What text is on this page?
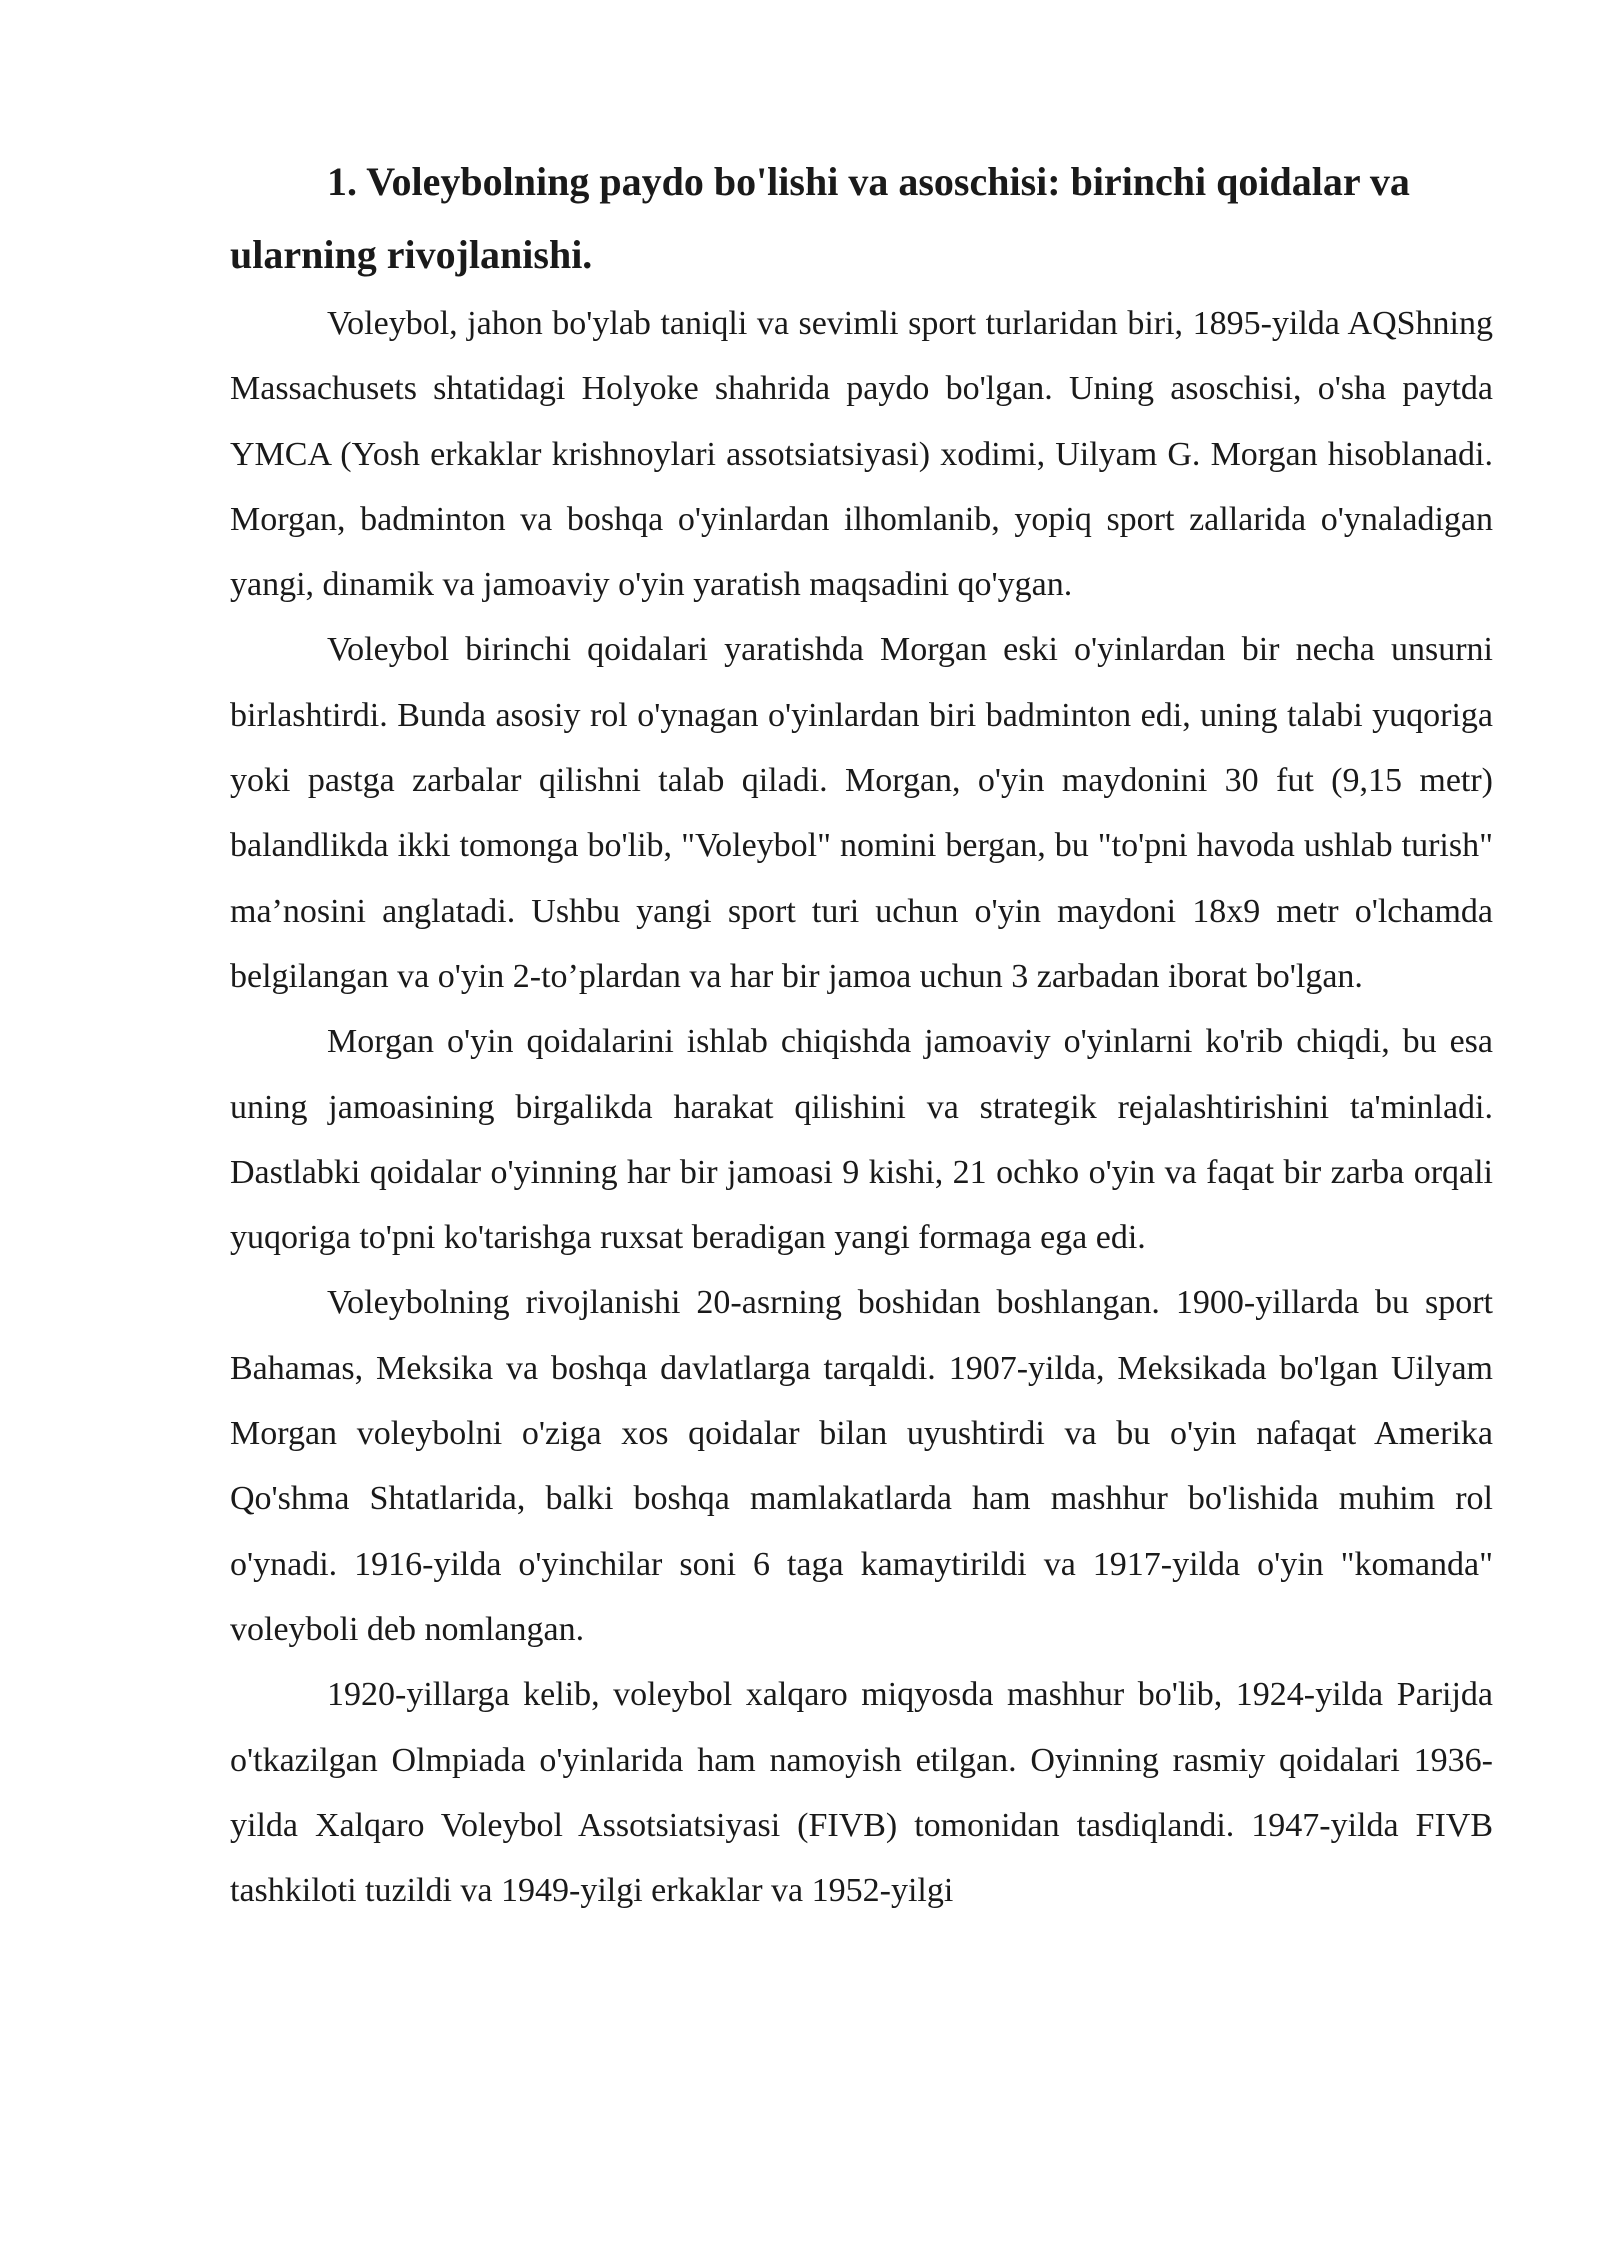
1. Voleybolning paydo bo'lishi va asoschisi: birinchi qoidalar va ularning rivojlanishi.

Voleybol, jahon bo'ylab taniqli va sevimli sport turlaridan biri, 1895-yilda AQShning Massachusets shtatidagi Holyoke shahrida paydo bo'lgan. Uning asoschisi, o'sha paytda YMCA (Yosh erkaklar krishnoylari assotsiatsiyasi) xodimi, Uilyam G. Morgan hisoblanadi. Morgan, badminton va boshqa o'yinlardan ilhomlanib, yopiq sport zallarida o'ynaladigan yangi, dinamik va jamoaviy o'yin yaratish maqsadini qo'ygan.

Voleybol birinchi qoidalari yaratishda Morgan eski o'yinlardan bir necha unsurni birlashtirdi. Bunda asosiy rol o'ynagan o'yinlardan biri badminton edi, uning talabi yuqoriga yoki pastga zarbalar qilishni talab qiladi. Morgan, o'yin maydonini 30 fut (9,15 metr) balandlikda ikki tomonga bo'lib, "Voleybol" nomini bergan, bu "to'pni havoda ushlab turish" ma’nosini anglatadi. Ushbu yangi sport turi uchun o'yin maydoni 18x9 metr o'lchamda belgilangan va o'yin 2-to’plardan va har bir jamoa uchun 3 zarbadan iborat bo'lgan.

Morgan o'yin qoidalarini ishlab chiqishda jamoaviy o'yinlarni ko'rib chiqdi, bu esa uning jamoasining birgalikda harakat qilishini va strategik rejalashtirishini ta'minladi. Dastlabki qoidalar o'yinning har bir jamoasi 9 kishi, 21 ochko o'yin va faqat bir zarba orqali yuqoriga to'pni ko'tarishga ruxsat beradigan yangi formaga ega edi.

Voleybolning rivojlanishi 20-asrning boshidan boshlangan. 1900-yillarda bu sport Bahamas, Meksika va boshqa davlatlarga tarqaldi. 1907-yilda, Meksikada bo'lgan Uilyam Morgan voleybolni o'ziga xos qoidalar bilan uyushtirdi va bu o'yin nafaqat Amerika Qo'shma Shtatlarida, balki boshqa mamlakatlarda ham mashhur bo'lishida muhim rol o'ynadi. 1916-yilda o'yinchilar soni 6 taga kamaytirildi va 1917-yilda o'yin "komanda" voleyboli deb nomlangan.

1920-yillarga kelib, voleybol xalqaro miqyosda mashhur bo'lib, 1924-yilda Parijda o'tkazilgan Olmpiada o'yinlarida ham namoyish etilgan. Oyinning rasmiy qoidalari 1936-yilda Xalqaro Voleybol Assotsiatsiyasi (FIVB) tomonidan tasdiqlandi. 1947-yilda FIVB tashkiloti tuzildi va 1949-yilgi erkaklar va 1952-yilgi
